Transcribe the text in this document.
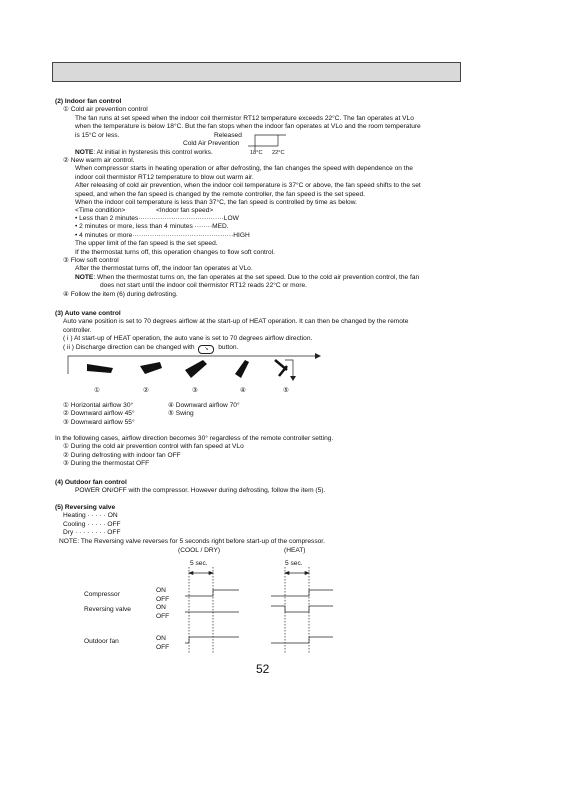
(2) Indoor fan control
① Cold air prevention control
The fan runs at set speed when the indoor coil thermistor RT12 temperature exceeds 22°C. The fan operates at VLo
when the temperature is below 18°C. But the fan stops when the indoor fan operates at VLo and the room temperature
is 15°C or less.	Released
Cold Air Prevention
18°C 22°C
NOTE: At initial in hysteresis this control works.
② New warm air control.
When compressor starts in heating operation or after defrosting, the fan changes the speed with dependence on the
indoor coil thermistor RT12 temperature to blow out warm air.
After releasing of cold air prevention, when the indoor coil temperature is 37°C or above, the fan speed shifts to the set
speed, and when the fan speed is changed by the remote controller, the fan speed is the set speed.
When the indoor coil temperature is less than 37°C, the fan speed is controlled by time as below.
<Time condition>	<Indoor fan speed>
• Less than 2 minutes·······································LOW
• 2 minutes or more, less than 4 minutes ········MED.
• 4 minutes or more··············································HIGH
The upper limit of the fan speed is the set speed.
If the thermostat turns off, this operation changes to flow soft control.
③ Flow soft control
After the thermostat turns off, the indoor fan operates at VLo.
NOTE: When the thermostat turns on, the fan operates at the set speed. Due to the cold air prevention control, the fan
does not start until the indoor coil thermistor RT12 reads 22°C or more.
④ Follow the item (6) during defrosting.
(3) Auto vane control
Auto vane position is set to 70 degrees airflow at the start-up of HEAT operation. It can then be changed by the remote
controller.
( i ) At start-up of HEAT operation, the auto vane is set to 70 degrees airflow direction.
( ii ) Discharge direction can be changed with ↘ button.
①	②	③	④	⑤
① Horizontal airflow 30°
② Downward airflow 45°
③ Downward airflow 55°
④ Downward airflow 70°
⑤ Swing
In the following cases, airflow direction becomes 30° regardless of the remote controller setting.
① During the cold air prevention control with fan speed at VLo
② During defrosting with indoor fan OFF
③ During the thermostat OFF
(4) Outdoor fan control
POWER ON/OFF with the compressor. However during defrosting, follow the item (5).
(5) Reversing valve
Heating · · · · · ON
Cooling · · · · · OFF
Dry · · · · · · · · OFF
NOTE: The Reversing valve reverses for 5 seconds right before start-up of the compressor.
(COOL / DRY)	(HEAT)
5 sec.	5 sec.
Compressor
Reversing valve
Outdoor fan
ON
OFF
ON
OFF
ON
OFF
52
